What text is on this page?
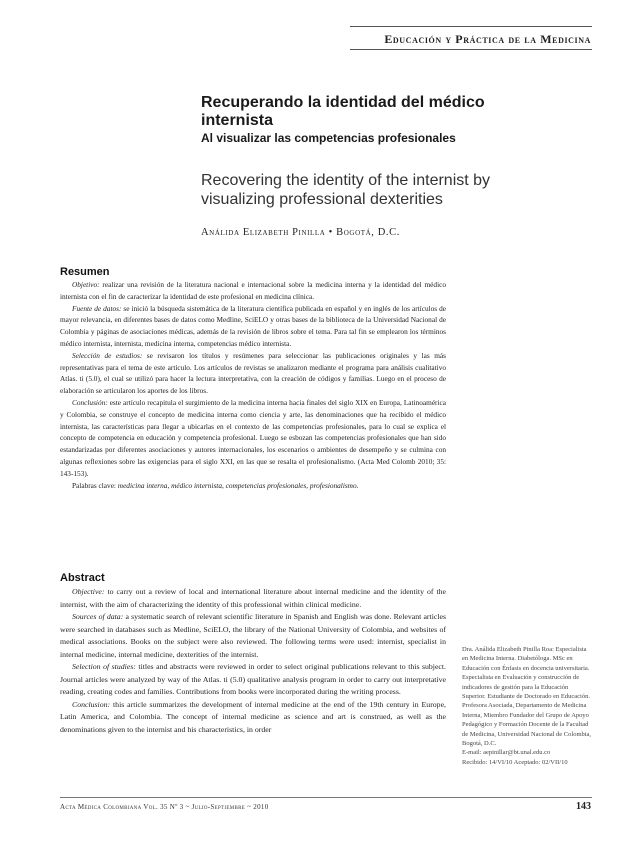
Educación y Práctica de la Medicina
Recuperando la identidad del médico internista
Al visualizar las competencias profesionales
Recovering the identity of the internist by visualizing professional dexterities
Análida Elizabeth Pinilla • Bogotá, D.C.
Resumen

Objetivo: realizar una revisión de la literatura nacional e internacional sobre la medicina interna y la identidad del médico internista con el fin de caracterizar la identidad de este profesional en medicina clínica.

Fuente de datos: se inició la búsqueda sistemática de la literatura científica publicada en español y en inglés de los artículos de mayor relevancia, en diferentes bases de datos como Medline, SciELO y otras bases de la biblioteca de la Universidad Nacional de Colombia y páginas de asociaciones médicas, además de la revisión de libros sobre el tema. Para tal fin se emplearon los términos médico internista, internista, medicina interna, competencias médico internista.

Selección de estudios: se revisaron los títulos y resúmenes para seleccionar las publicaciones originales y las más representativas para el tema de este artículo. Los artículos de revistas se analizaron mediante el programa para análisis cualitativo Atlas. ti (5.0), el cual se utilizó para hacer la lectura interpretativa, con la creación de códigos y familias. Luego en el proceso de elaboración se articularon los aportes de los libros.

Conclusión: este artículo recapitula el surgimiento de la medicina interna hacia finales del siglo XIX en Europa, Latinoamérica y Colombia, se construye el concepto de medicina interna como ciencia y arte, las denominaciones que ha recibido el médico internista, las características para llegar a ubicarlas en el contexto de las competencias profesionales, para lo cual se explica el concepto de competencia en educación y competencia profesional. Luego se esbozan las competencias profesionales que han sido estandarizadas por diferentes asociaciones y autores internacionales, los escenarios o ambientes de desempeño y se culmina con algunas reflexiones sobre las exigencias para el siglo XXI, en las que se resalta el profesionalismo. (Acta Med Colomb 2010; 35: 143-153).

Palabras clave: medicina interna, médico internista, competencias profesionales, profesionalismo.

Abstract

Objective: to carry out a review of local and international literature about internal medicine and the identity of the internist, with the aim of characterizing the identity of this professional within clinical medicine.

Sources of data: a systematic search of relevant scientific literature in Spanish and English was done. Relevant articles were searched in databases such as Medline, SciELO, the library of the National University of Colombia, and websites of medical associations. Books on the subject were also reviewed. The following terms were used: internist, specialist in internal medicine, internal medicine, dexterities of the internist.

Selection of studies: titles and abstracts were reviewed in order to select original publications relevant to this subject. Journal articles were analyzed by way of the Atlas. ti (5.0) qualitative analysis program in order to carry out interpretative reading, creating codes and families. Contributions from books were incorporated during the writing process.

Conclusion: this article summarizes the development of internal medicine at the end of the 19th century in Europe, Latin America, and Colombia. The concept of internal medicine as science and art is construed, as well as the denominations given to the internist and his characteristics, in order

Dra. Análida Elizabeth Pinilla Roa: Especialista en Medicina Interna. Diabetóloga. MSc en Educación con Énfasis en docencia universitaria. Especialista en Evaluación y construcción de indicadores de gestión para la Educación Superior. Estudiante de Doctorado en Educación. Profesora Asociada, Departamento de Medicina Interna, Miembro Fundador del Grupo de Apoyo Pedagógico y Formación Docente de la Facultad de Medicina, Universidad Nacional de Colombia, Bogotá, D.C.
E-mail: aepinillar@bt.unal.edu.co
Recibido: 14/VI/10 Aceptado: 02/VII/10
Acta Médica Colombiana Vol. 35 Nº 3 ~ Julio-Septiembre ~ 2010	143
